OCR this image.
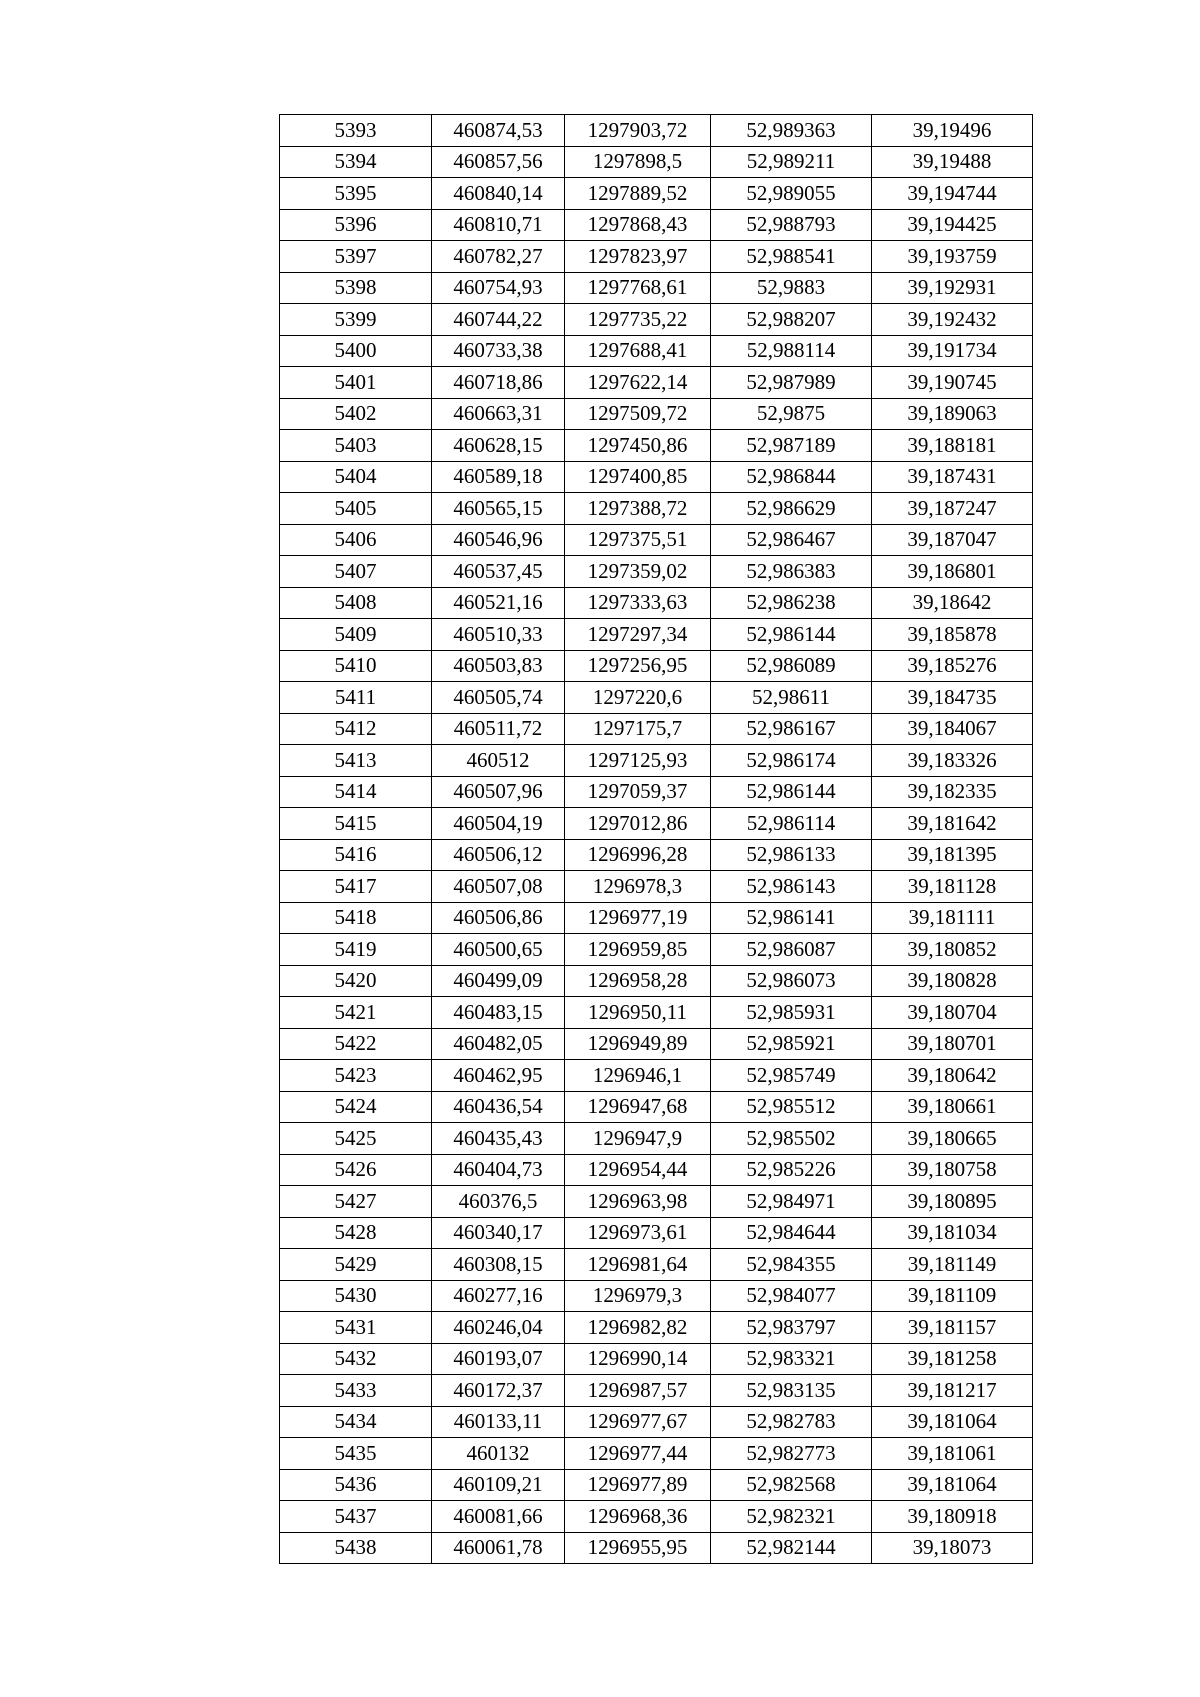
5393	460874,53	1297903,72	52,989363	39,19496
5394	460857,56	1297898,5	52,989211	39,19488
5395	460840,14	1297889,52	52,989055	39,194744
5396	460810,71	1297868,43	52,988793	39,194425
5397	460782,27	1297823,97	52,988541	39,193759
5398	460754,93	1297768,61	52,9883	39,192931
5399	460744,22	1297735,22	52,988207	39,192432
5400	460733,38	1297688,41	52,988114	39,191734
5401	460718,86	1297622,14	52,987989	39,190745
5402	460663,31	1297509,72	52,9875	39,189063
5403	460628,15	1297450,86	52,987189	39,188181
5404	460589,18	1297400,85	52,986844	39,187431
5405	460565,15	1297388,72	52,986629	39,187247
5406	460546,96	1297375,51	52,986467	39,187047
5407	460537,45	1297359,02	52,986383	39,186801
5408	460521,16	1297333,63	52,986238	39,18642
5409	460510,33	1297297,34	52,986144	39,185878
5410	460503,83	1297256,95	52,986089	39,185276
5411	460505,74	1297220,6	52,98611	39,184735
5412	460511,72	1297175,7	52,986167	39,184067
5413	460512	1297125,93	52,986174	39,183326
5414	460507,96	1297059,37	52,986144	39,182335
5415	460504,19	1297012,86	52,986114	39,181642
5416	460506,12	1296996,28	52,986133	39,181395
5417	460507,08	1296978,3	52,986143	39,181128
5418	460506,86	1296977,19	52,986141	39,181111
5419	460500,65	1296959,85	52,986087	39,180852
5420	460499,09	1296958,28	52,986073	39,180828
5421	460483,15	1296950,11	52,985931	39,180704
5422	460482,05	1296949,89	52,985921	39,180701
5423	460462,95	1296946,1	52,985749	39,180642
5424	460436,54	1296947,68	52,985512	39,180661
5425	460435,43	1296947,9	52,985502	39,180665
5426	460404,73	1296954,44	52,985226	39,180758
5427	460376,5	1296963,98	52,984971	39,180895
5428	460340,17	1296973,61	52,984644	39,181034
5429	460308,15	1296981,64	52,984355	39,181149
5430	460277,16	1296979,3	52,984077	39,181109
5431	460246,04	1296982,82	52,983797	39,181157
5432	460193,07	1296990,14	52,983321	39,181258
5433	460172,37	1296987,57	52,983135	39,181217
5434	460133,11	1296977,67	52,982783	39,181064
5435	460132	1296977,44	52,982773	39,181061
5436	460109,21	1296977,89	52,982568	39,181064
5437	460081,66	1296968,36	52,982321	39,180918
5438	460061,78	1296955,95	52,982144	39,18073
